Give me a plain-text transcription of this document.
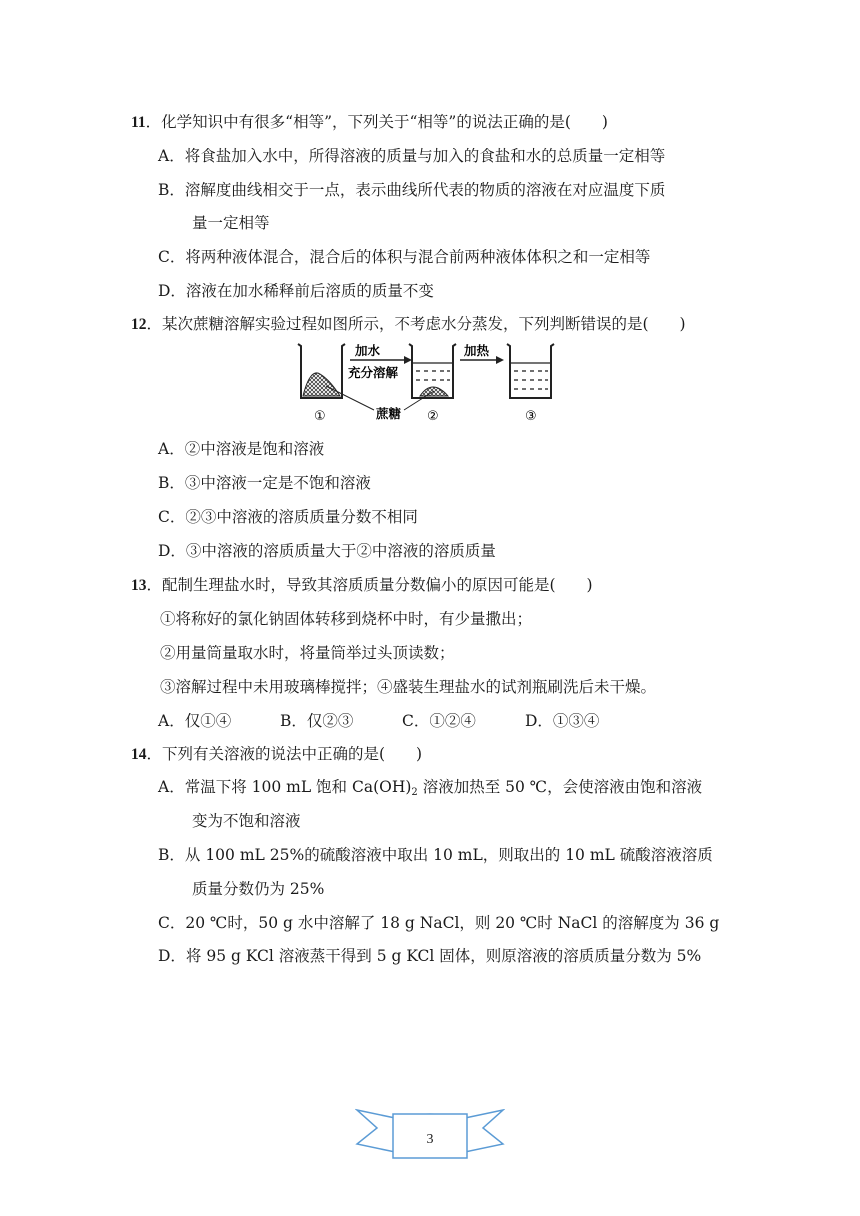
11．化学知识中有很多“相等”，下列关于“相等”的说法正确的是(　　)
A．将食盐加入水中，所得溶液的质量与加入的食盐和水的总质量一定相等
B．溶解度曲线相交于一点，表示曲线所代表的物质的溶液在对应温度下质
量一定相等
C．将两种液体混合，混合后的体积与混合前两种液体体积之和一定相等
D．溶液在加水稀释前后溶质的质量不变
12．某次蔗糖溶解实验过程如图所示，不考虑水分蒸发，下列判断错误的是(　　)
加水
充分溶解
蔗糖
加热
①	②	③
A．②中溶液是饱和溶液
B．③中溶液一定是不饱和溶液
C．②③中溶液的溶质质量分数不相同
D．③中溶液的溶质质量大于②中溶液的溶质质量
13．配制生理盐水时，导致其溶质质量分数偏小的原因可能是(　　)
①将称好的氯化钠固体转移到烧杯中时，有少量撒出；
②用量筒量取水时，将量筒举过头顶读数；
③溶解过程中未用玻璃棒搅拌；④盛装生理盐水的试剂瓶刷洗后未干燥。
A．仅①④	B．仅②③	C．①②④	D．①③④
14．下列有关溶液的说法中正确的是(　　)
A．常温下将 100 mL 饱和 $Ca(OH)_2$ 溶液加热至 50 ℃，会使溶液由饱和溶液
变为不饱和溶液
B．从 100 mL 25%的硫酸溶液中取出 10 mL，则取出的 10 mL 硫酸溶液溶质
质量分数仍为 25%
C．20 ℃时，50 g 水中溶解了 18 g NaCl，则 20 ℃时 NaCl 的溶解度为 36 g
D．将 95 g KCl 溶液蒸干得到 5 g KCl 固体，则原溶液的溶质质量分数为 5%
3
